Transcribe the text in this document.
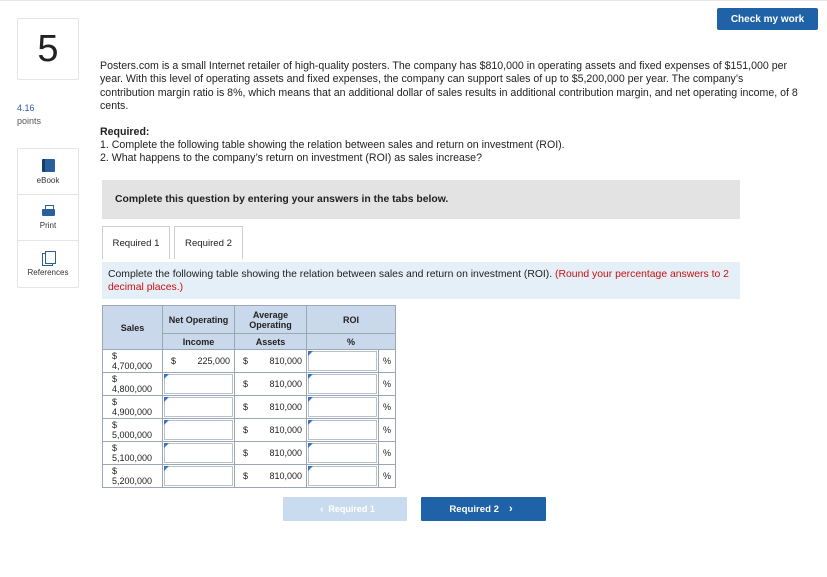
Check my work
5
4.16
points
eBook
Print
References
Posters.com is a small Internet retailer of high-quality posters. The company has $810,000 in operating assets and fixed expenses of $151,000 per year. With this level of operating assets and fixed expenses, the company can support sales of up to $5,200,000 per year. The company’s contribution margin ratio is 8%, which means that an additional dollar of sales results in additional contribution margin, and net operating income, of 8 cents.
Required:
1. Complete the following table showing the relation between sales and return on investment (ROI).
2. What happens to the company’s return on investment (ROI) as sales increase?
Complete this question by entering your answers in the tabs below.
Required 1	Required 2
Complete the following table showing the relation between sales and return on investment (ROI). (Round your percentage answers to 2 decimal places.)
Sales	Net Operating	Average Operating	ROI	
	Income	Assets	%	

$
4,700,000	$ 225,000	$ 810,000		%

$
4,800,000		$ 810,000		%

$
4,900,000		$ 810,000		%

$
5,000,000		$ 810,000		%

$
5,100,000		$ 810,000		%

$
5,200,000		$ 810,000		%
‹ Required 1	Required 2 ›
